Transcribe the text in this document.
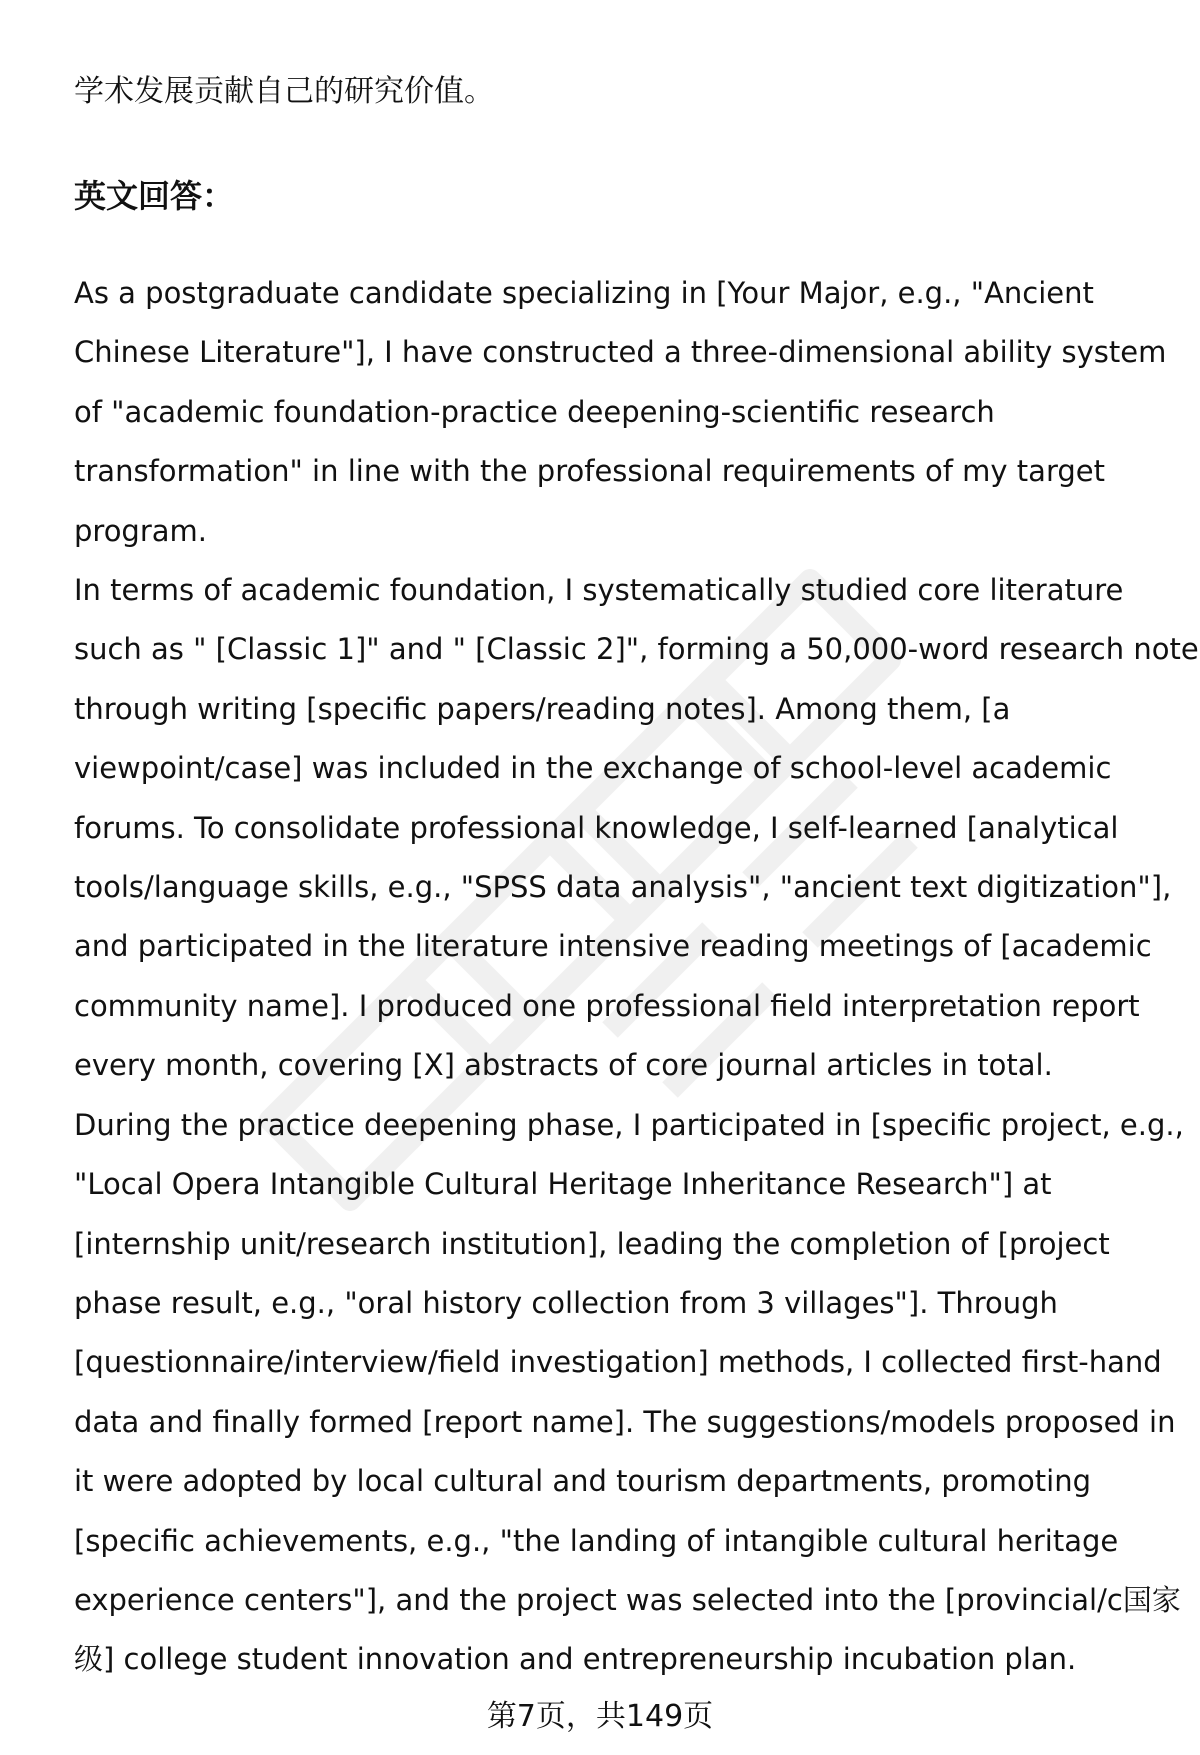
学术发展贡献自己的研究价值。
英文回答：

As a postgraduate candidate specializing in [Your Major, e.g., "Ancient
Chinese Literature"], I have constructed a three-dimensional ability system
of "academic foundation-practice deepening-scientific research
transformation" in line with the professional requirements of my target
program.

In terms of academic foundation, I systematically studied core literature
such as " [Classic 1]" and " [Classic 2]", forming a 50,000-word research note
through writing [specific papers/reading notes]. Among them, [a
viewpoint/case] was included in the exchange of school-level academic
forums. To consolidate professional knowledge, I self-learned [analytical
tools/language skills, e.g., "SPSS data analysis", "ancient text digitization"],
and participated in the literature intensive reading meetings of [academic
community name]. I produced one professional field interpretation report
every month, covering [X] abstracts of core journal articles in total.

During the practice deepening phase, I participated in [specific project, e.g.,
"Local Opera Intangible Cultural Heritage Inheritance Research"] at
[internship unit/research institution], leading the completion of [project
phase result, e.g., "oral history collection from 3 villages"]. Through
[questionnaire/interview/field investigation] methods, I collected first-hand
data and finally formed [report name]. The suggestions/models proposed in
it were adopted by local cultural and tourism departments, promoting
[specific achievements, e.g., "the landing of intangible cultural heritage
experience centers"], and the project was selected into the [provincial/c国家
级] college student innovation and entrepreneurship incubation plan.

第7页，共149页
